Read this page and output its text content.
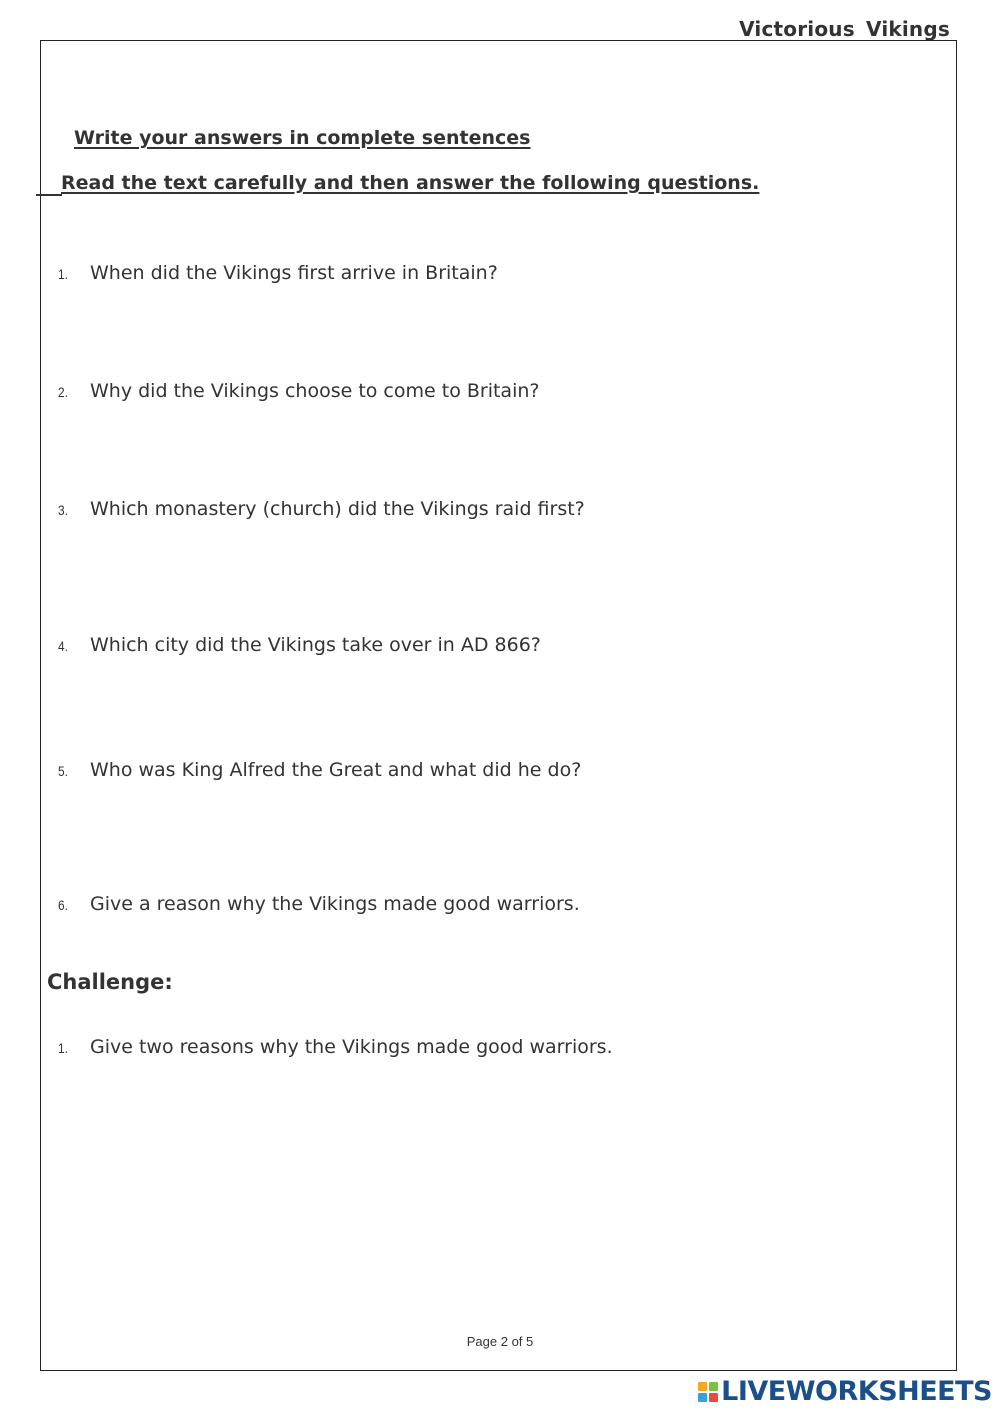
Victorious Vikings
Write your answers in complete sentences
Read the text carefully and then answer the following questions.
1.	When did the Vikings first arrive in Britain?
2.	Why did the Vikings choose to come to Britain?
3.	Which monastery (church) did the Vikings raid first?
4.	Which city did the Vikings take over in AD 866?
5.	Who was King Alfred the Great and what did he do?
6.	Give a reason why the Vikings made good warriors.
Challenge:
1.	Give two reasons why the Vikings made good warriors.
Page 2 of 5
LIVEWORKSHEETS
